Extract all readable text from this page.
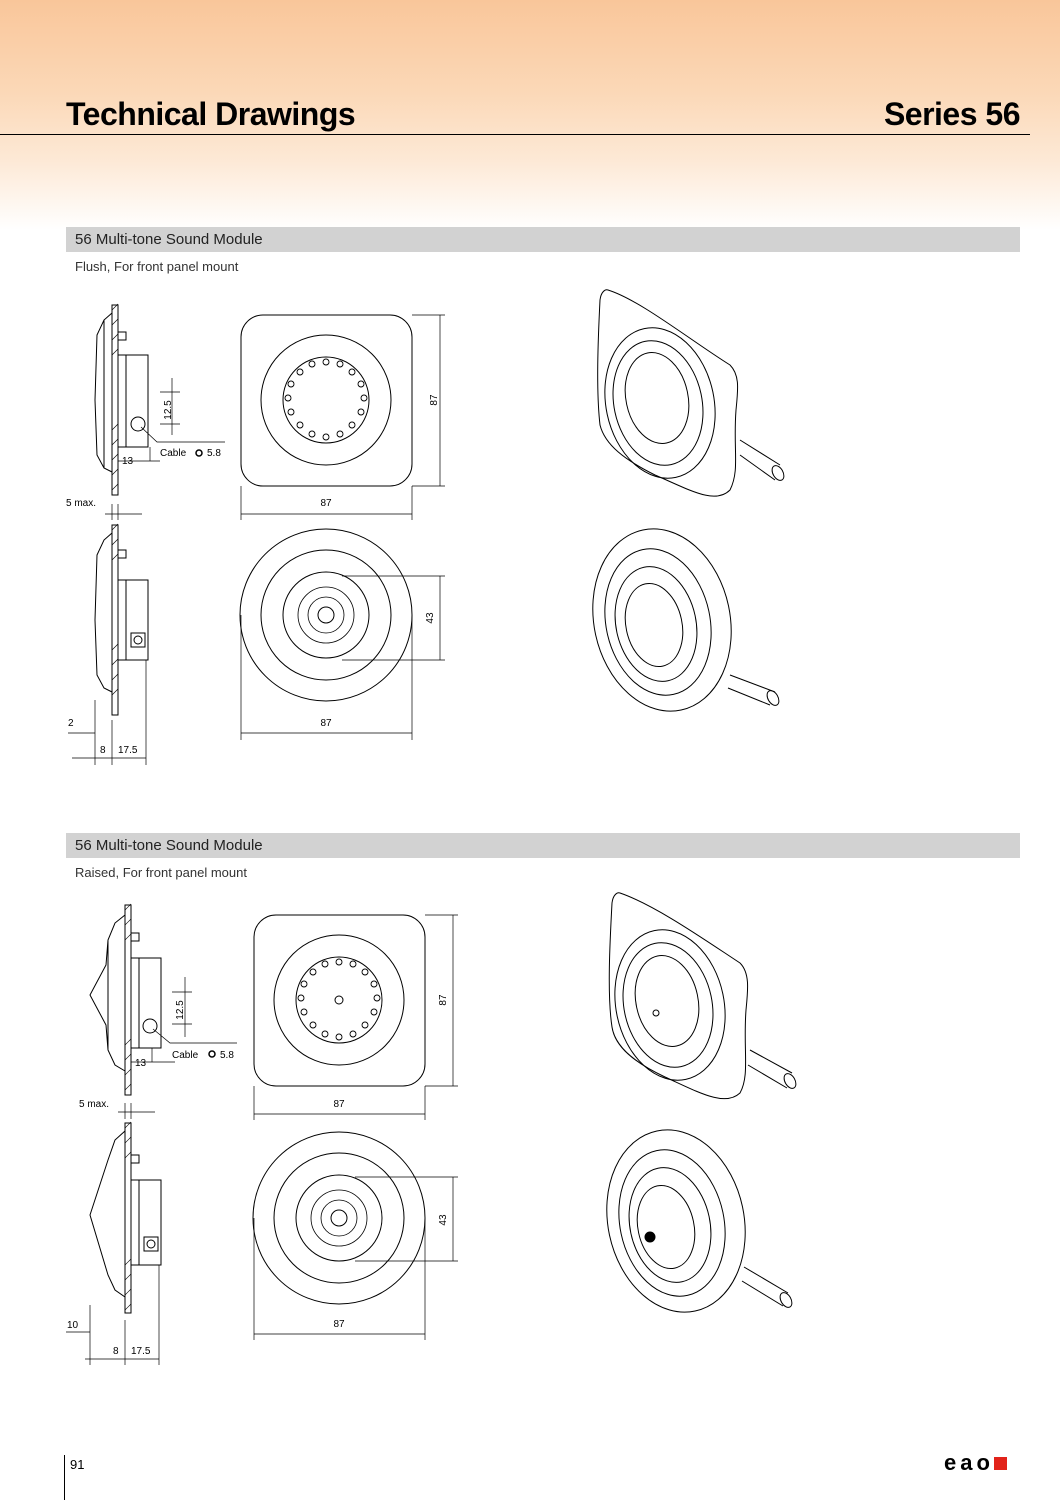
Technical Drawings	Series 56
56 Multi-tone Sound Module
Flush, For front panel mount
12.5
13
Cable 5.8
5 max.
87
87
43
87
2
8 17.5
56 Multi-tone Sound Module
Raised, For front panel mount
12.5
13
Cable 5.8
5 max.
87
87
43
87
10
8 17.5
91	eao
